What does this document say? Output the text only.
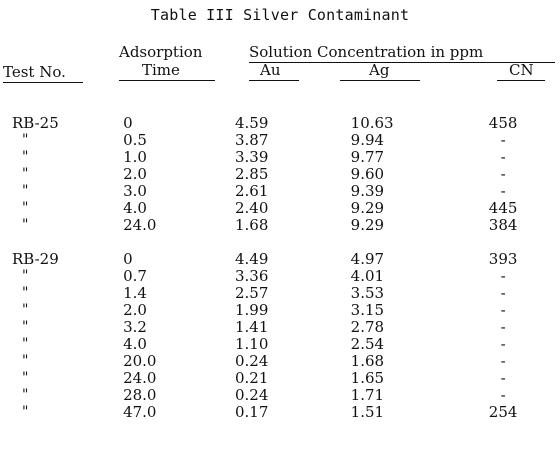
Table III Silver Contaminant
Adsorption
Time
Test No.
Solution Concentration in ppm
Au	Ag	CN
RB-25	0	4.59	10.63	458
"	0.5	3.87	9.94	-
"	1.0	3.39	9.77	-
"	2.0	2.85	9.60	-
"	3.0	2.61	9.39	-
"	4.0	2.40	9.29	445
"	24.0	1.68	9.29	384

RB-29	0	4.49	4.97	393
"	0.7	3.36	4.01	-
"	1.4	2.57	3.53	-
"	2.0	1.99	3.15	-
"	3.2	1.41	2.78	-
"	4.0	1.10	2.54	-
"	20.0	0.24	1.68	-
"	24.0	0.21	1.65	-
"	28.0	0.24	1.71	-
"	47.0	0.17	1.51	254
